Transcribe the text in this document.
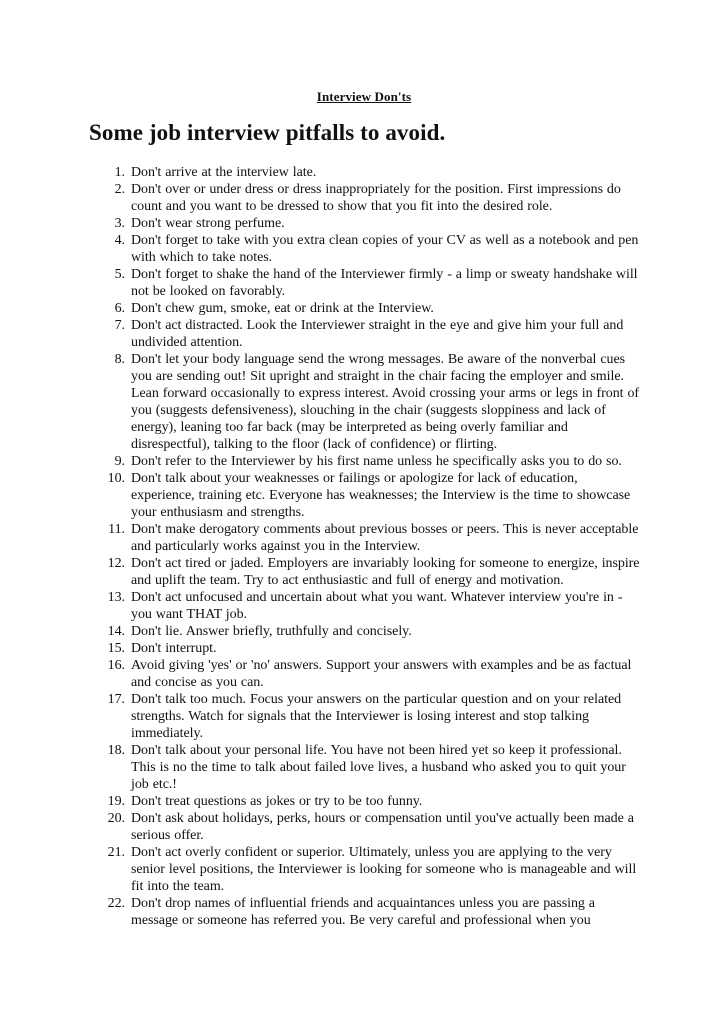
Interview Don'ts
Some job interview pitfalls to avoid.
1. Don't arrive at the interview late.
2. Don't over or under dress or dress inappropriately for the position. First impressions do count and you want to be dressed to show that you fit into the desired role.
3. Don't wear strong perfume.
4. Don't forget to take with you extra clean copies of your CV as well as a notebook and pen with which to take notes.
5. Don't forget to shake the hand of the Interviewer firmly - a limp or sweaty handshake will not be looked on favorably.
6. Don't chew gum, smoke, eat or drink at the Interview.
7. Don't act distracted. Look the Interviewer straight in the eye and give him your full and undivided attention.
8. Don't let your body language send the wrong messages. Be aware of the nonverbal cues you are sending out! Sit upright and straight in the chair facing the employer and smile. Lean forward occasionally to express interest. Avoid crossing your arms or legs in front of you (suggests defensiveness), slouching in the chair (suggests sloppiness and lack of energy), leaning too far back (may be interpreted as being overly familiar and disrespectful), talking to the floor (lack of confidence) or flirting.
9. Don't refer to the Interviewer by his first name unless he specifically asks you to do so.
10. Don't talk about your weaknesses or failings or apologize for lack of education, experience, training etc. Everyone has weaknesses; the Interview is the time to showcase your enthusiasm and strengths.
11. Don't make derogatory comments about previous bosses or peers. This is never acceptable and particularly works against you in the Interview.
12. Don't act tired or jaded. Employers are invariably looking for someone to energize, inspire and uplift the team. Try to act enthusiastic and full of energy and motivation.
13. Don't act unfocused and uncertain about what you want. Whatever interview you're in - you want THAT job.
14. Don't lie. Answer briefly, truthfully and concisely.
15. Don't interrupt.
16. Avoid giving 'yes' or 'no' answers. Support your answers with examples and be as factual and concise as you can.
17. Don't talk too much. Focus your answers on the particular question and on your related strengths. Watch for signals that the Interviewer is losing interest and stop talking immediately.
18. Don't talk about your personal life. You have not been hired yet so keep it professional. This is no the time to talk about failed love lives, a husband who asked you to quit your job etc.!
19. Don't treat questions as jokes or try to be too funny.
20. Don't ask about holidays, perks, hours or compensation until you've actually been made a serious offer.
21. Don't act overly confident or superior. Ultimately, unless you are applying to the very senior level positions, the Interviewer is looking for someone who is manageable and will fit into the team.
22. Don't drop names of influential friends and acquaintances unless you are passing a message or someone has referred you. Be very careful and professional when you
